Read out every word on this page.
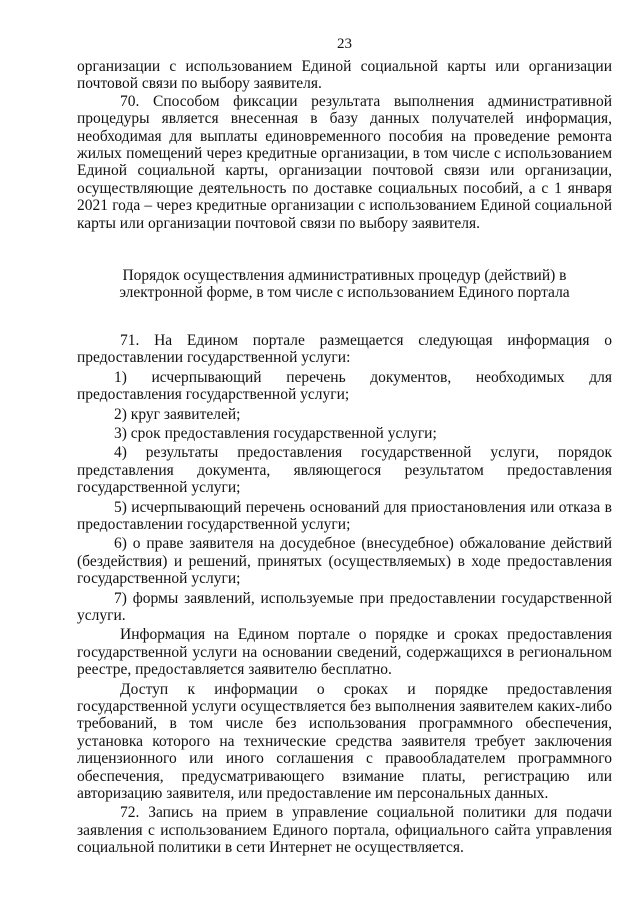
23

организации с использованием Единой социальной карты или организации почтовой связи по выбору заявителя.

70. Способом фиксации результата выполнения административной процедуры является внесенная в базу данных получателей информация, необходимая для выплаты единовременного пособия на проведение ремонта жилых помещений через кредитные организации, в том числе с использованием Единой социальной карты, организации почтовой связи или организации, осуществляющие деятельность по доставке социальных пособий, а с 1 января 2021 года – через кредитные организации с использованием Единой социальной карты или организации почтовой связи по выбору заявителя.

Порядок осуществления административных процедур (действий) в электронной форме, в том числе с использованием Единого портала

71. На Едином портале размещается следующая информация о предоставлении государственной услуги:

1) исчерпывающий перечень документов, необходимых для предоставления государственной услуги;

2) круг заявителей;

3) срок предоставления государственной услуги;

4) результаты предоставления государственной услуги, порядок представления документа, являющегося результатом предоставления государственной услуги;

5) исчерпывающий перечень оснований для приостановления или отказа в предоставлении государственной услуги;

6) о праве заявителя на досудебное (внесудебное) обжалование действий (бездействия) и решений, принятых (осуществляемых) в ходе предоставления государственной услуги;

7) формы заявлений, используемые при предоставлении государственной услуги.

Информация на Едином портале о порядке и сроках предоставления государственной услуги на основании сведений, содержащихся в региональном реестре, предоставляется заявителю бесплатно.

Доступ к информации о сроках и порядке предоставления государственной услуги осуществляется без выполнения заявителем каких-либо требований, в том числе без использования программного обеспечения, установка которого на технические средства заявителя требует заключения лицензионного или иного соглашения с правообладателем программного обеспечения, предусматривающего взимание платы, регистрацию или авторизацию заявителя, или предоставление им персональных данных.

72. Запись на прием в управление социальной политики для подачи заявления с использованием Единого портала, официального сайта управления социальной политики в сети Интернет не осуществляется.
